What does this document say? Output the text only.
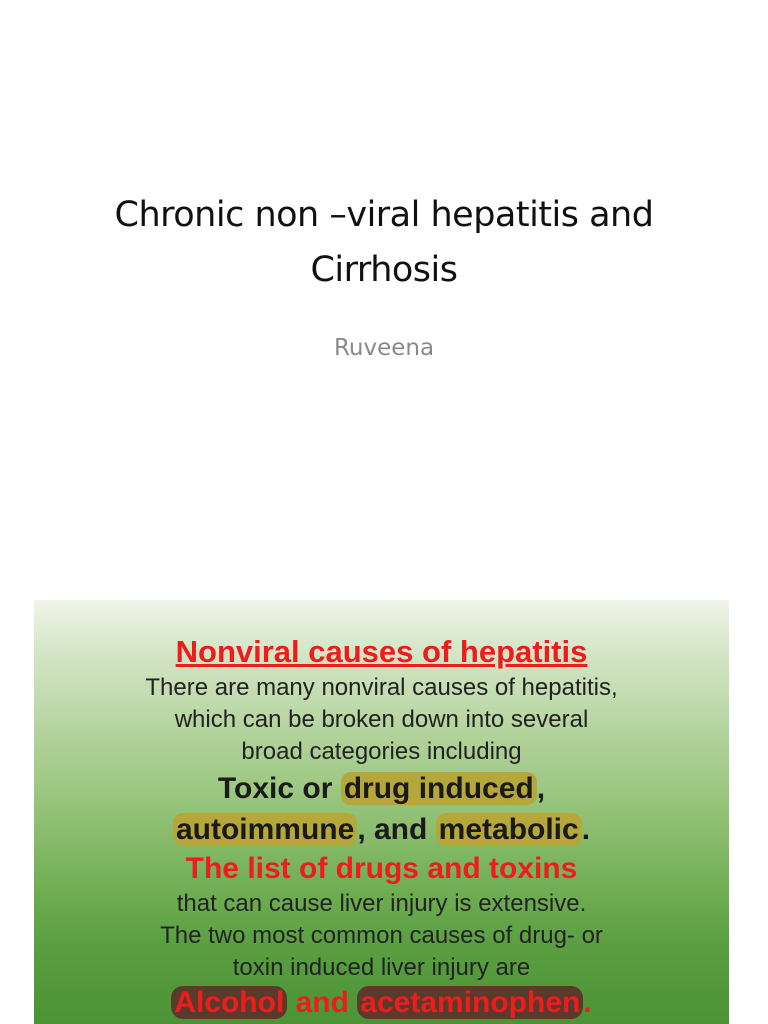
Chronic non –viral hepatitis and
Cirrhosis
Ruveena
Nonviral causes of hepatitis
There are many nonviral causes of hepatitis,
which can be broken down into several
broad categories including
Toxic or drug induced ,
autoimmune , and metabolic .
The list of drugs and toxins
that can cause liver injury is extensive.
The two most common causes of drug- or
toxin induced liver injury are
Alcohol and acetaminophen .
